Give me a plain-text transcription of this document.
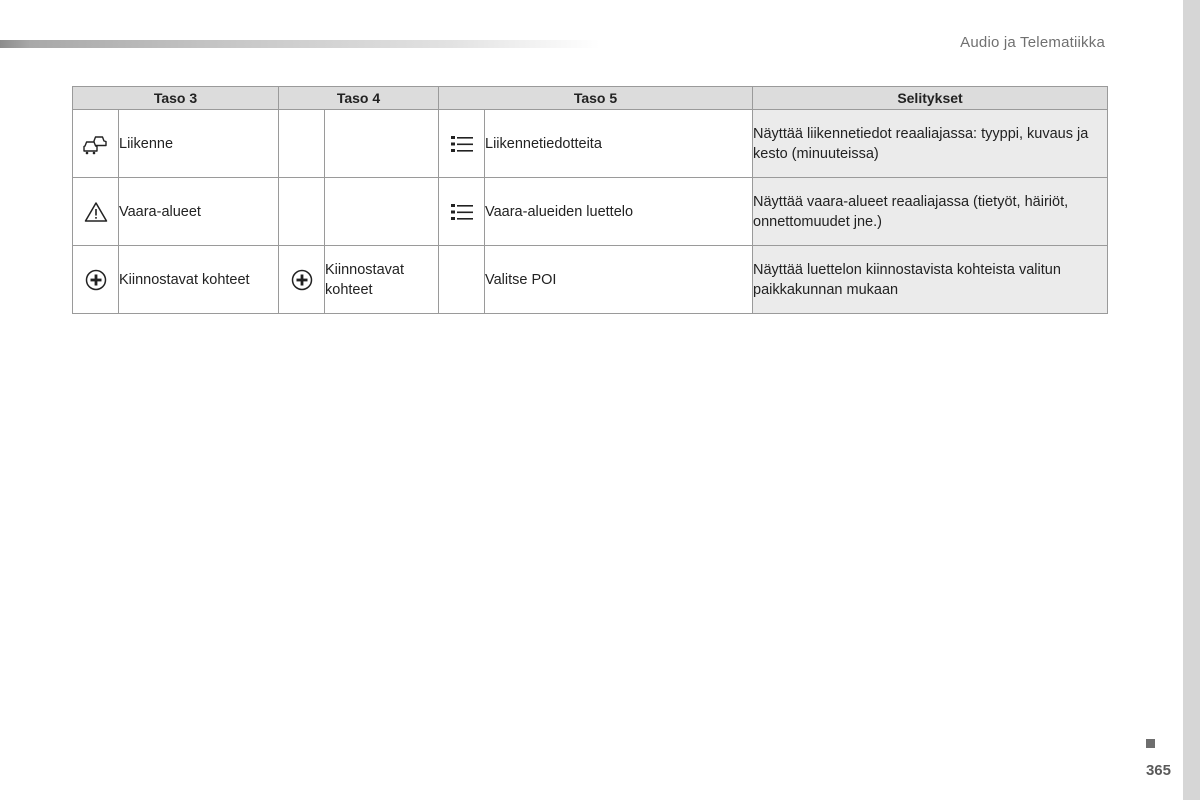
Audio ja Telematiikka
Taso 3		Taso 4		Taso 5		Selitykset
	Liikenne				Liikennetiedotteita	Näyttää liikennetiedot reaaliajassa: tyyppi, kuvaus ja kesto (minuuteissa)
	Vaara-alueet				Vaara-alueiden luettelo	Näyttää vaara-alueet reaaliajassa (tietyöt, häiriöt, onnettomuudet jne.)
	Kiinnostavat kohteet		Kiinnostavat kohteet		Valitse POI	Näyttää luettelon kiinnostavista kohteista valitun paikkakunnan mukaan
365
